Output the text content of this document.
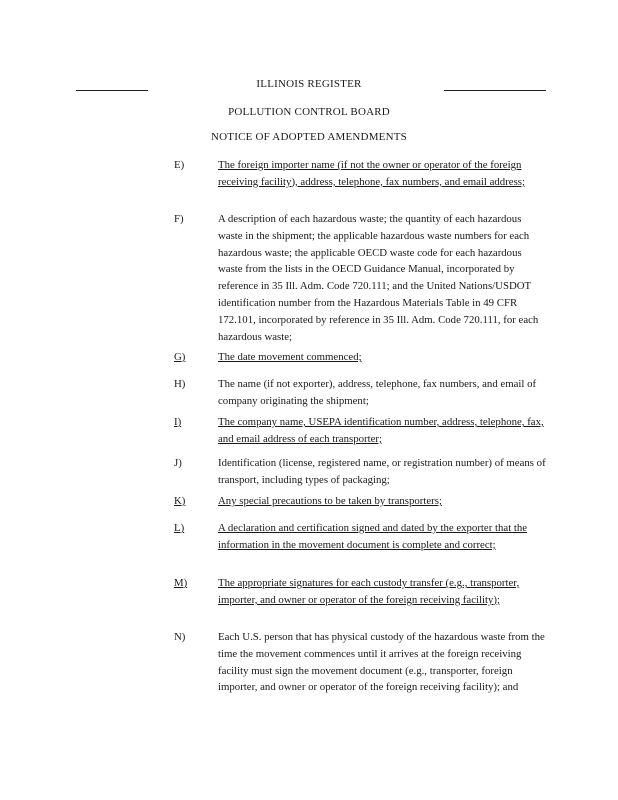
ILLINOIS REGISTER
POLLUTION CONTROL BOARD
NOTICE OF ADOPTED AMENDMENTS
E)	The foreign importer name (if not the owner or operator of the foreign receiving facility), address, telephone, fax numbers, and email address;
F)	A description of each hazardous waste; the quantity of each hazardous waste in the shipment; the applicable hazardous waste numbers for each hazardous waste; the applicable OECD waste code for each hazardous waste from the lists in the OECD Guidance Manual, incorporated by reference in 35 Ill. Adm. Code 720.111; and the United Nations/USDOT identification number from the Hazardous Materials Table in 49 CFR 172.101, incorporated by reference in 35 Ill. Adm. Code 720.111, for each hazardous waste;
G)	The date movement commenced;
H)	The name (if not exporter), address, telephone, fax numbers, and email of company originating the shipment;
I)	The company name, USEPA identification number, address, telephone, fax, and email address of each transporter;
J)	Identification (license, registered name, or registration number) of means of transport, including types of packaging;
K)	Any special precautions to be taken by transporters;
L)	A declaration and certification signed and dated by the exporter that the information in the movement document is complete and correct;
M)	The appropriate signatures for each custody transfer (e.g., transporter, importer, and owner or operator of the foreign receiving facility);
N)	Each U.S. person that has physical custody of the hazardous waste from the time the movement commences until it arrives at the foreign receiving facility must sign the movement document (e.g., transporter, foreign importer, and owner or operator of the foreign receiving facility); and
